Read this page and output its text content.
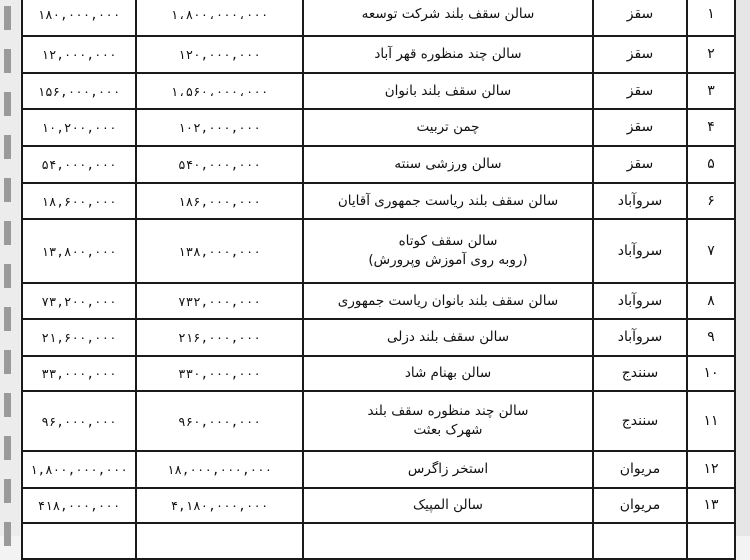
۱	سقز	سالن سقف بلند شرکت توسعه	۱،۸۰۰،۰۰۰،۰۰۰	۱۸۰,۰۰۰,۰۰۰
۲	سقز	سالن چند منظوره قهر آباد	۱۲۰,۰۰۰,۰۰۰	۱۲,۰۰۰,۰۰۰
۳	سقز	سالن سقف بلند بانوان	۱،۵۶۰،۰۰۰،۰۰۰	۱۵۶,۰۰۰,۰۰۰
۴	سقز	چمن تربیت	۱۰۲,۰۰۰,۰۰۰	۱۰,۲۰۰,۰۰۰
۵	سقز	سالن ورزشی سنته	۵۴۰,۰۰۰,۰۰۰	۵۴,۰۰۰,۰۰۰
۶	سروآباد	سالن سقف بلند ریاست جمهوری آقایان	۱۸۶,۰۰۰,۰۰۰	۱۸,۶۰۰,۰۰۰
۷	سروآباد	سالن سقف کوتاه
(روبه روی آموزش وپرورش)	۱۳۸,۰۰۰,۰۰۰	۱۳,۸۰۰,۰۰۰
۸	سروآباد	سالن سقف بلند بانوان ریاست جمهوری	۷۳۲,۰۰۰,۰۰۰	۷۳,۲۰۰,۰۰۰
۹	سروآباد	سالن سقف بلند دزلی	۲۱۶,۰۰۰,۰۰۰	۲۱,۶۰۰,۰۰۰
۱۰	سنندج	سالن بهنام شاد	۳۳۰,۰۰۰,۰۰۰	۳۳,۰۰۰,۰۰۰
۱۱	سنندج	سالن چند منظوره سقف بلند
شهرک بعثت	۹۶۰,۰۰۰,۰۰۰	۹۶,۰۰۰,۰۰۰
۱۲	مریوان	استخر زاگرس	۱۸,۰۰۰,۰۰۰,۰۰۰	۱,۸۰۰,۰۰۰,۰۰۰
۱۳	مریوان	سالن المپیک	۴,۱۸۰,۰۰۰,۰۰۰	۴۱۸,۰۰۰,۰۰۰
